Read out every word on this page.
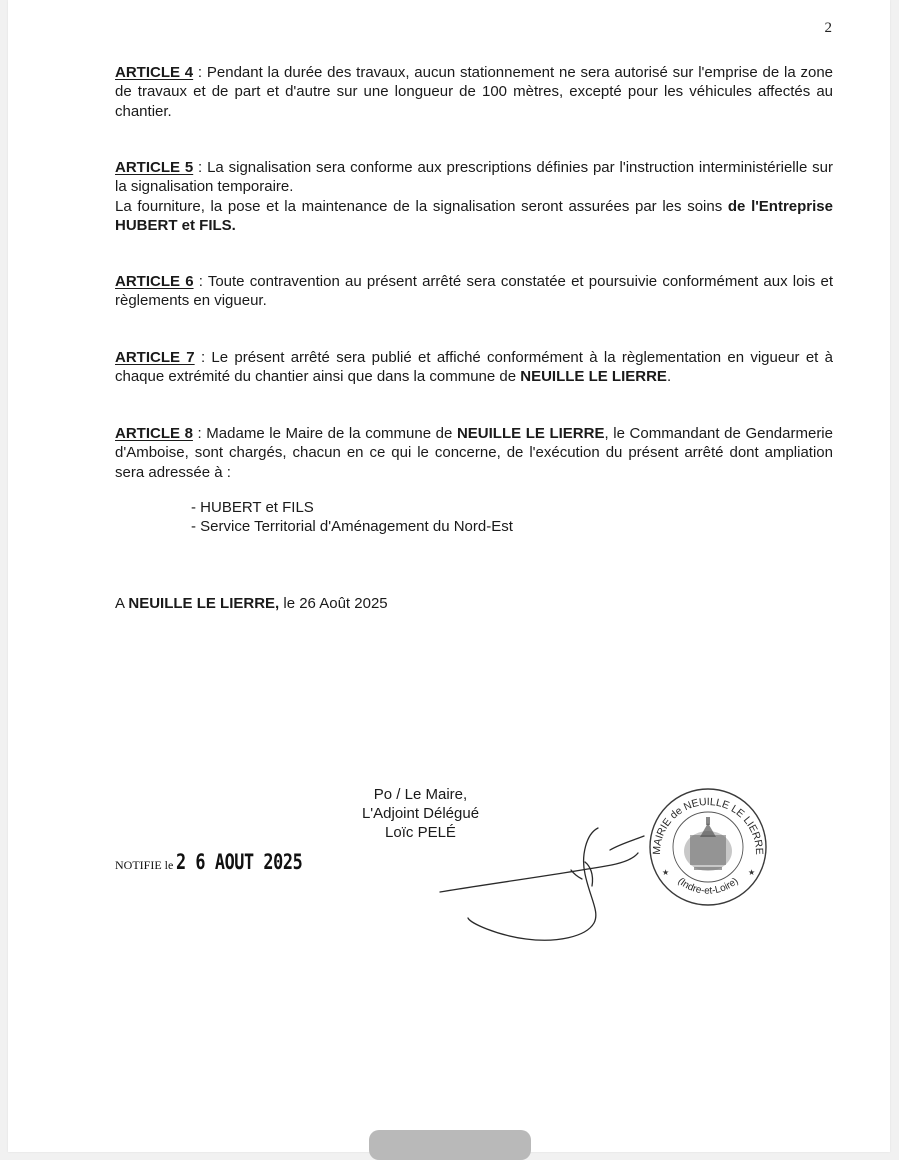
2

ARTICLE 4 : Pendant la durée des travaux, aucun stationnement ne sera autorisé sur l'emprise de la zone de travaux et de part et d'autre sur une longueur de 100 mètres, excepté pour les véhicules affectés au chantier.

ARTICLE 5 : La signalisation sera conforme aux prescriptions définies par l'instruction interministérielle sur la signalisation temporaire.

La fourniture, la pose et la maintenance de la signalisation seront assurées par les soins de l'Entreprise HUBERT et FILS.

ARTICLE 6 : Toute contravention au présent arrêté sera constatée et poursuivie conformément aux lois et règlements en vigueur.

ARTICLE 7 : Le présent arrêté sera publié et affiché conformément à la règlementation en vigueur et à chaque extrémité du chantier ainsi que dans la commune de NEUILLE LE LIERRE.

ARTICLE 8 : Madame le Maire de la commune de NEUILLE LE LIERRE, le Commandant de Gendarmerie d'Amboise, sont chargés, chacun en ce qui le concerne, de l'exécution du présent arrêté dont ampliation sera adressée à :

- HUBERT et FILS
- Service Territorial d'Aménagement du Nord-Est
A NEUILLE LE LIERRE, le 26 Août 2025
Po / Le Maire,
L'Adjoint Délégué
Loïc PELÉ
NOTIFIE le 2 6 AOUT 2025	MAIRIE de NEUILLE LE LIERRE
(Indre-et-Loire)
★	★
